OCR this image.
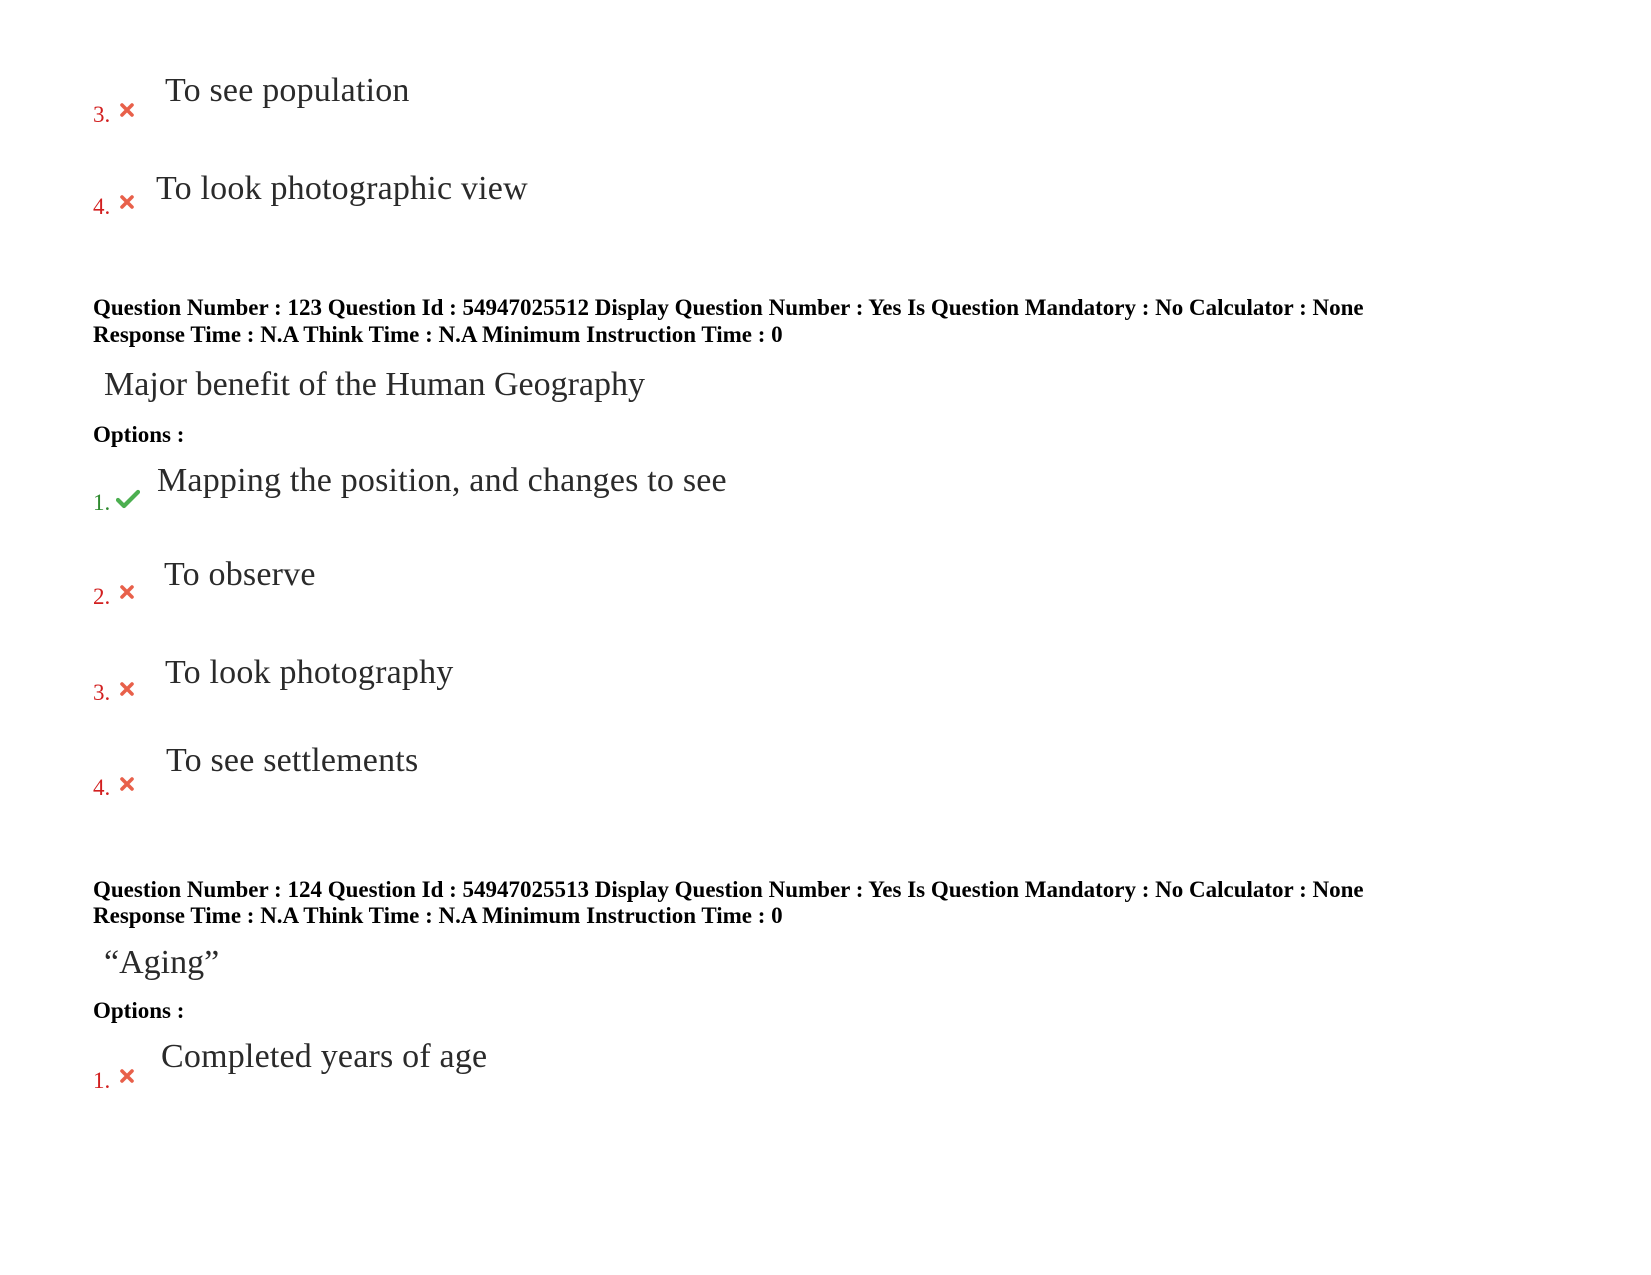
3.
To see population
4. To look photographic view
Question Number : 123 Question Id : 54947025512 Display Question Number : Yes Is Question Mandatory : No Calculator : None
Response Time : N.A Think Time : N.A Minimum Instruction Time : 0
Major benefit of the Human Geography
Options :
1.
Mapping the position, and changes to see
2.
To observe
3.
To look photography
4.
To see settlements
Question Number : 124 Question Id : 54947025513 Display Question Number : Yes Is Question Mandatory : No Calculator : None
Response Time : N.A Think Time : N.A Minimum Instruction Time : 0
“Aging”
Options :
1.
Completed years of age
